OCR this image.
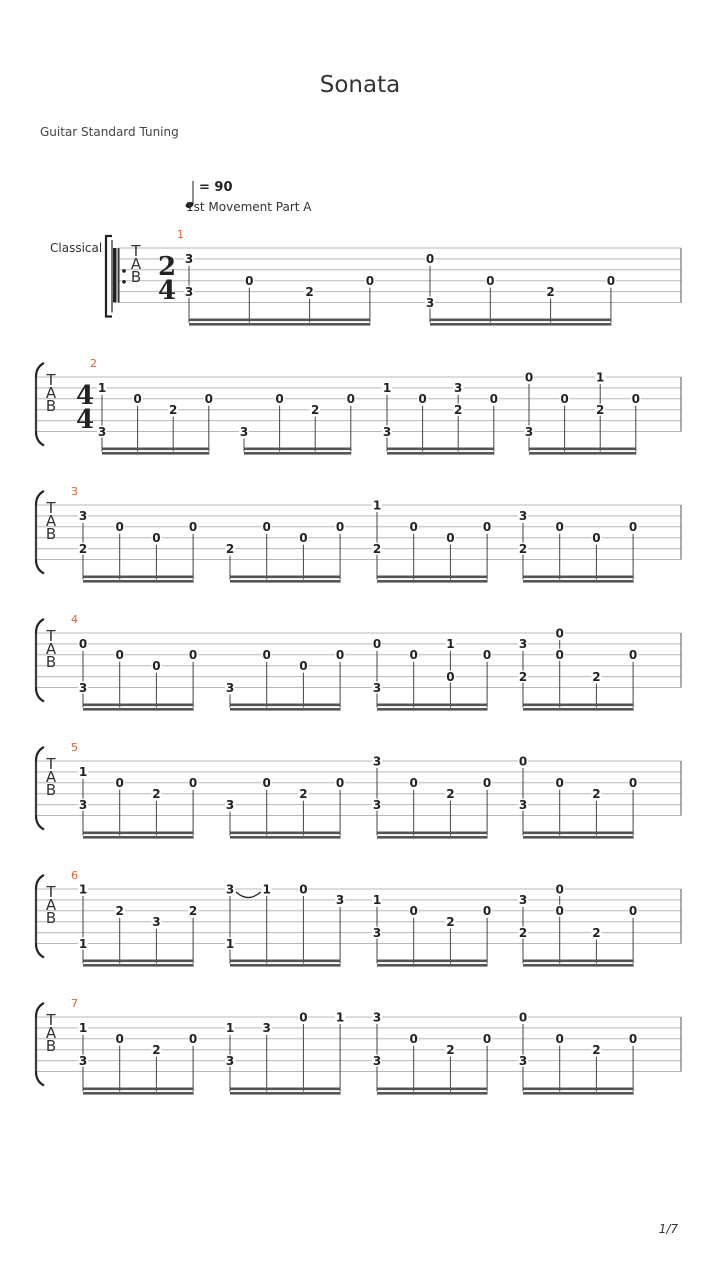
Sonata
Guitar Standard Tuning
Classical T
A
B 2
4
1
3
3
0
2
0
0
3
0
2
0
T
A
B 4
4
2
1
3
0
2
0
3
0
2
0
1
3
0
3
2
0
0
3
0
1
2
0
T
A
B
3
3
2
0
0
0
2
0
0
0
1
2
0
0
0
3
2
0
0
0
T
A
B
4
0
3
0
0
0
3
0
0
0
0
3
0
1
0
0
3
2
0
0
2
0
T
A
B
5
1
3
0
2
0
3
0
2
0
3
3
0
2
0
0
3
0
2
0
T
A
B
6
1
1
2
3
2
3
1
1 0
3 1
3
0
2
0
3
2
0
0
2
0
T
A
B
7
1
3
0
2
0
1
3
3
0 1 3
3
0
2
0
0
3
0
2
0
= 90
1st Movement Part A
1/7
